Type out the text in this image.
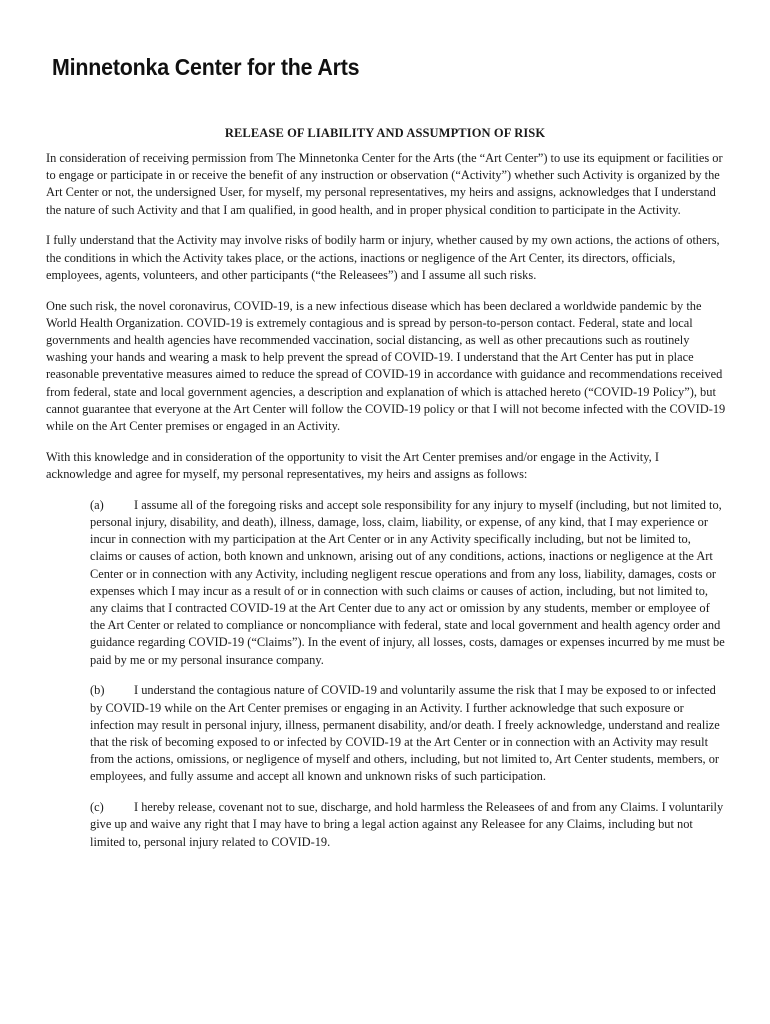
Minnetonka Center for the Arts
RELEASE OF LIABILITY AND ASSUMPTION OF RISK

In consideration of receiving permission from The Minnetonka Center for the Arts (the “Art Center”) to use its equipment or facilities or to engage or participate in or receive the benefit of any instruction or observation (“Activity”) whether such Activity is organized by the Art Center or not, the undersigned User, for myself, my personal representatives, my heirs and assigns, acknowledges that I understand the nature of such Activity and that I am qualified, in good health, and in proper physical condition to participate in the Activity.

I fully understand that the Activity may involve risks of bodily harm or injury, whether caused by my own actions, the actions of others, the conditions in which the Activity takes place, or the actions, inactions or negligence of the Art Center, its directors, officials, employees, agents, volunteers, and other participants (“the Releasees”) and I assume all such risks.

One such risk, the novel coronavirus, COVID-19, is a new infectious disease which has been declared a worldwide pandemic by the World Health Organization. COVID-19 is extremely contagious and is spread by person-to-person contact. Federal, state and local governments and health agencies have recommended vaccination, social distancing, as well as other precautions such as routinely washing your hands and wearing a mask to help prevent the spread of COVID-19. I understand that the Art Center has put in place reasonable preventative measures aimed to reduce the spread of COVID-19 in accordance with guidance and recommendations received from federal, state and local government agencies, a description and explanation of which is attached hereto (“COVID-19 Policy”), but cannot guarantee that everyone at the Art Center will follow the COVID-19 policy or that I will not become infected with the COVID-19 while on the Art Center premises or engaged in an Activity.

With this knowledge and in consideration of the opportunity to visit the Art Center premises and/or engage in the Activity, I acknowledge and agree for myself, my personal representatives, my heirs and assigns as follows:

(a) I assume all of the foregoing risks and accept sole responsibility for any injury to myself (including, but not limited to, personal injury, disability, and death), illness, damage, loss, claim, liability, or expense, of any kind, that I may experience or incur in connection with my participation at the Art Center or in any Activity specifically including, but not be limited to, claims or causes of action, both known and unknown, arising out of any conditions, actions, inactions or negligence at the Art Center or in connection with any Activity, including negligent rescue operations and from any loss, liability, damages, costs or expenses which I may incur as a result of or in connection with such claims or causes of action, including, but not limited to, any claims that I contracted COVID-19 at the Art Center due to any act or omission by any students, member or employee of the Art Center or related to compliance or noncompliance with federal, state and local government and health agency order and guidance regarding COVID-19 (“Claims”). In the event of injury, all losses, costs, damages or expenses incurred by me must be paid by me or my personal insurance company.

(b) I understand the contagious nature of COVID-19 and voluntarily assume the risk that I may be exposed to or infected by COVID-19 while on the Art Center premises or engaging in an Activity. I further acknowledge that such exposure or infection may result in personal injury, illness, permanent disability, and/or death. I freely acknowledge, understand and realize that the risk of becoming exposed to or infected by COVID-19 at the Art Center or in connection with an Activity may result from the actions, omissions, or negligence of myself and others, including, but not limited to, Art Center students, members, or employees, and fully assume and accept all known and unknown risks of such participation.

(c) I hereby release, covenant not to sue, discharge, and hold harmless the Releasees of and from any Claims. I voluntarily give up and waive any right that I may have to bring a legal action against any Releasee for any Claims, including but not limited to, personal injury related to COVID-19.
